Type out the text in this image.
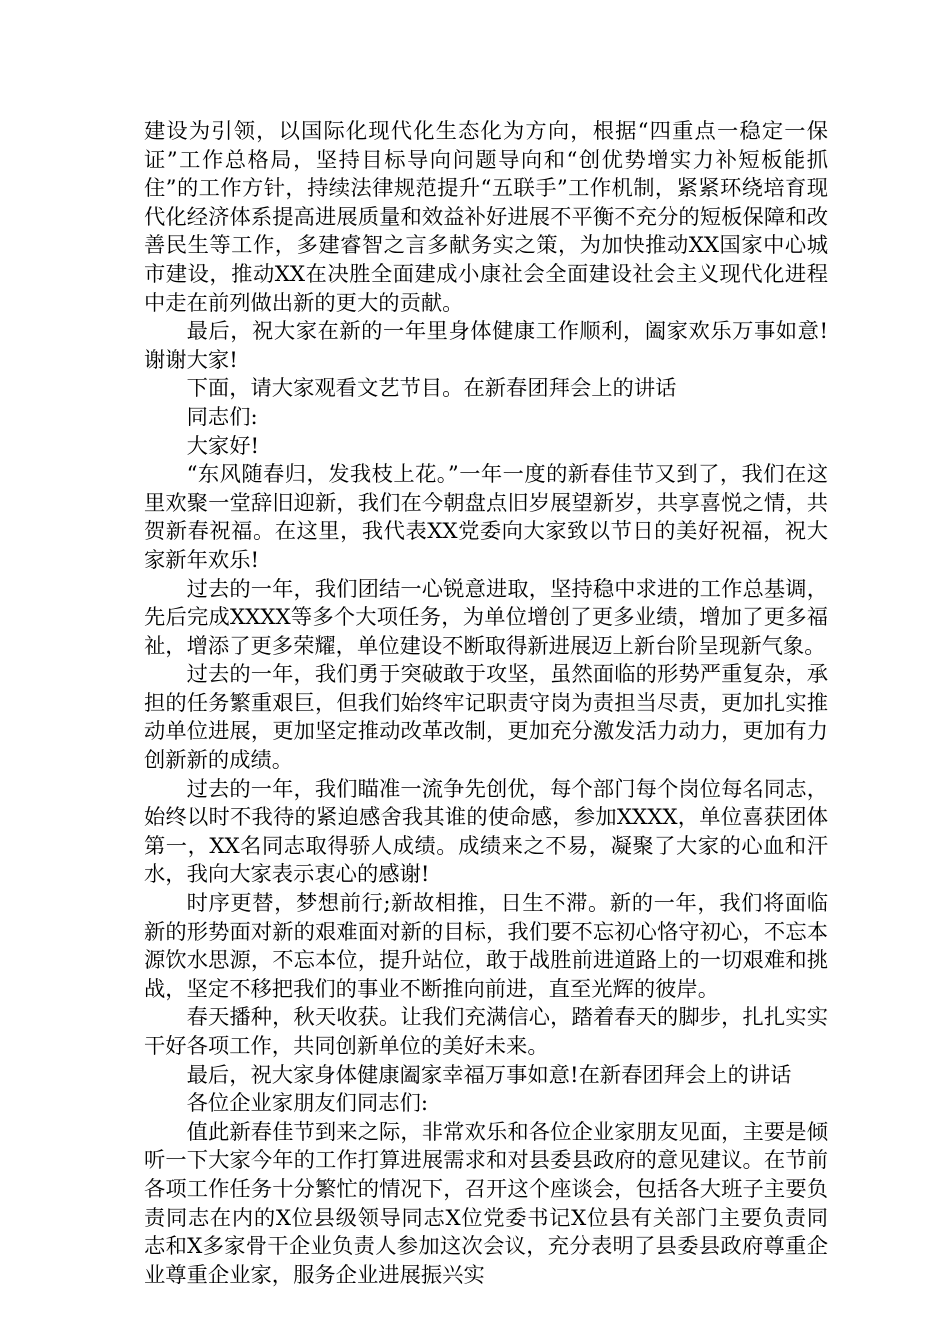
建设为引领，以国际化现代化生态化为方向，根据“四重点一稳定一保证”工作总格局，坚持目标导向问题导向和“创优势增实力补短板能抓住”的工作方针，持续法律规范提升“五联手”工作机制，紧紧环绕培育现代化经济体系提高进展质量和效益补好进展不平衡不充分的短板保障和改善民生等工作，多建睿智之言多献务实之策，为加快推动XX国家中心城市建设，推动XX在决胜全面建成小康社会全面建设社会主义现代化进程中走在前列做出新的更大的贡献。

最后，祝大家在新的一年里身体健康工作顺利，阖家欢乐万事如意!谢谢大家!

下面，请大家观看文艺节目。在新春团拜会上的讲话

同志们:

大家好!

“东风随春归，发我枝上花。”一年一度的新春佳节又到了，我们在这里欢聚一堂辞旧迎新，我们在今朝盘点旧岁展望新岁，共享喜悦之情，共贺新春祝福。在这里，我代表XX党委向大家致以节日的美好祝福，祝大家新年欢乐!

过去的一年，我们团结一心锐意进取，坚持稳中求进的工作总基调，先后完成XXXX等多个大项任务，为单位增创了更多业绩，增加了更多福祉，增添了更多荣耀，单位建设不断取得新进展迈上新台阶呈现新气象。

过去的一年，我们勇于突破敢于攻坚，虽然面临的形势严重复杂，承担的任务繁重艰巨，但我们始终牢记职责守岗为责担当尽责，更加扎实推动单位进展，更加坚定推动改革改制，更加充分激发活力动力，更加有力创新新的成绩。

过去的一年，我们瞄准一流争先创优，每个部门每个岗位每名同志，始终以时不我待的紧迫感舍我其谁的使命感，参加XXXX，单位喜获团体第一，XX名同志取得骄人成绩。成绩来之不易，凝聚了大家的心血和汗水，我向大家表示衷心的感谢!

时序更替，梦想前行;新故相推，日生不滞。新的一年，我们将面临新的形势面对新的艰难面对新的目标，我们要不忘初心恪守初心，不忘本源饮水思源，不忘本位，提升站位，敢于战胜前进道路上的一切艰难和挑战，坚定不移把我们的事业不断推向前进，直至光辉的彼岸。

春天播种，秋天收获。让我们充满信心，踏着春天的脚步，扎扎实实干好各项工作，共同创新单位的美好未来。

最后，祝大家身体健康阖家幸福万事如意!在新春团拜会上的讲话

各位企业家朋友们同志们:

值此新春佳节到来之际，非常欢乐和各位企业家朋友见面，主要是倾听一下大家今年的工作打算进展需求和对县委县政府的意见建议。在节前各项工作任务十分繁忙的情况下，召开这个座谈会，包括各大班子主要负责同志在内的X位县级领导同志X位党委书记X位县有关部门主要负责同志和X多家骨干企业负责人参加这次会议，充分表明了县委县政府尊重企业尊重企业家，服务企业进展振兴实
